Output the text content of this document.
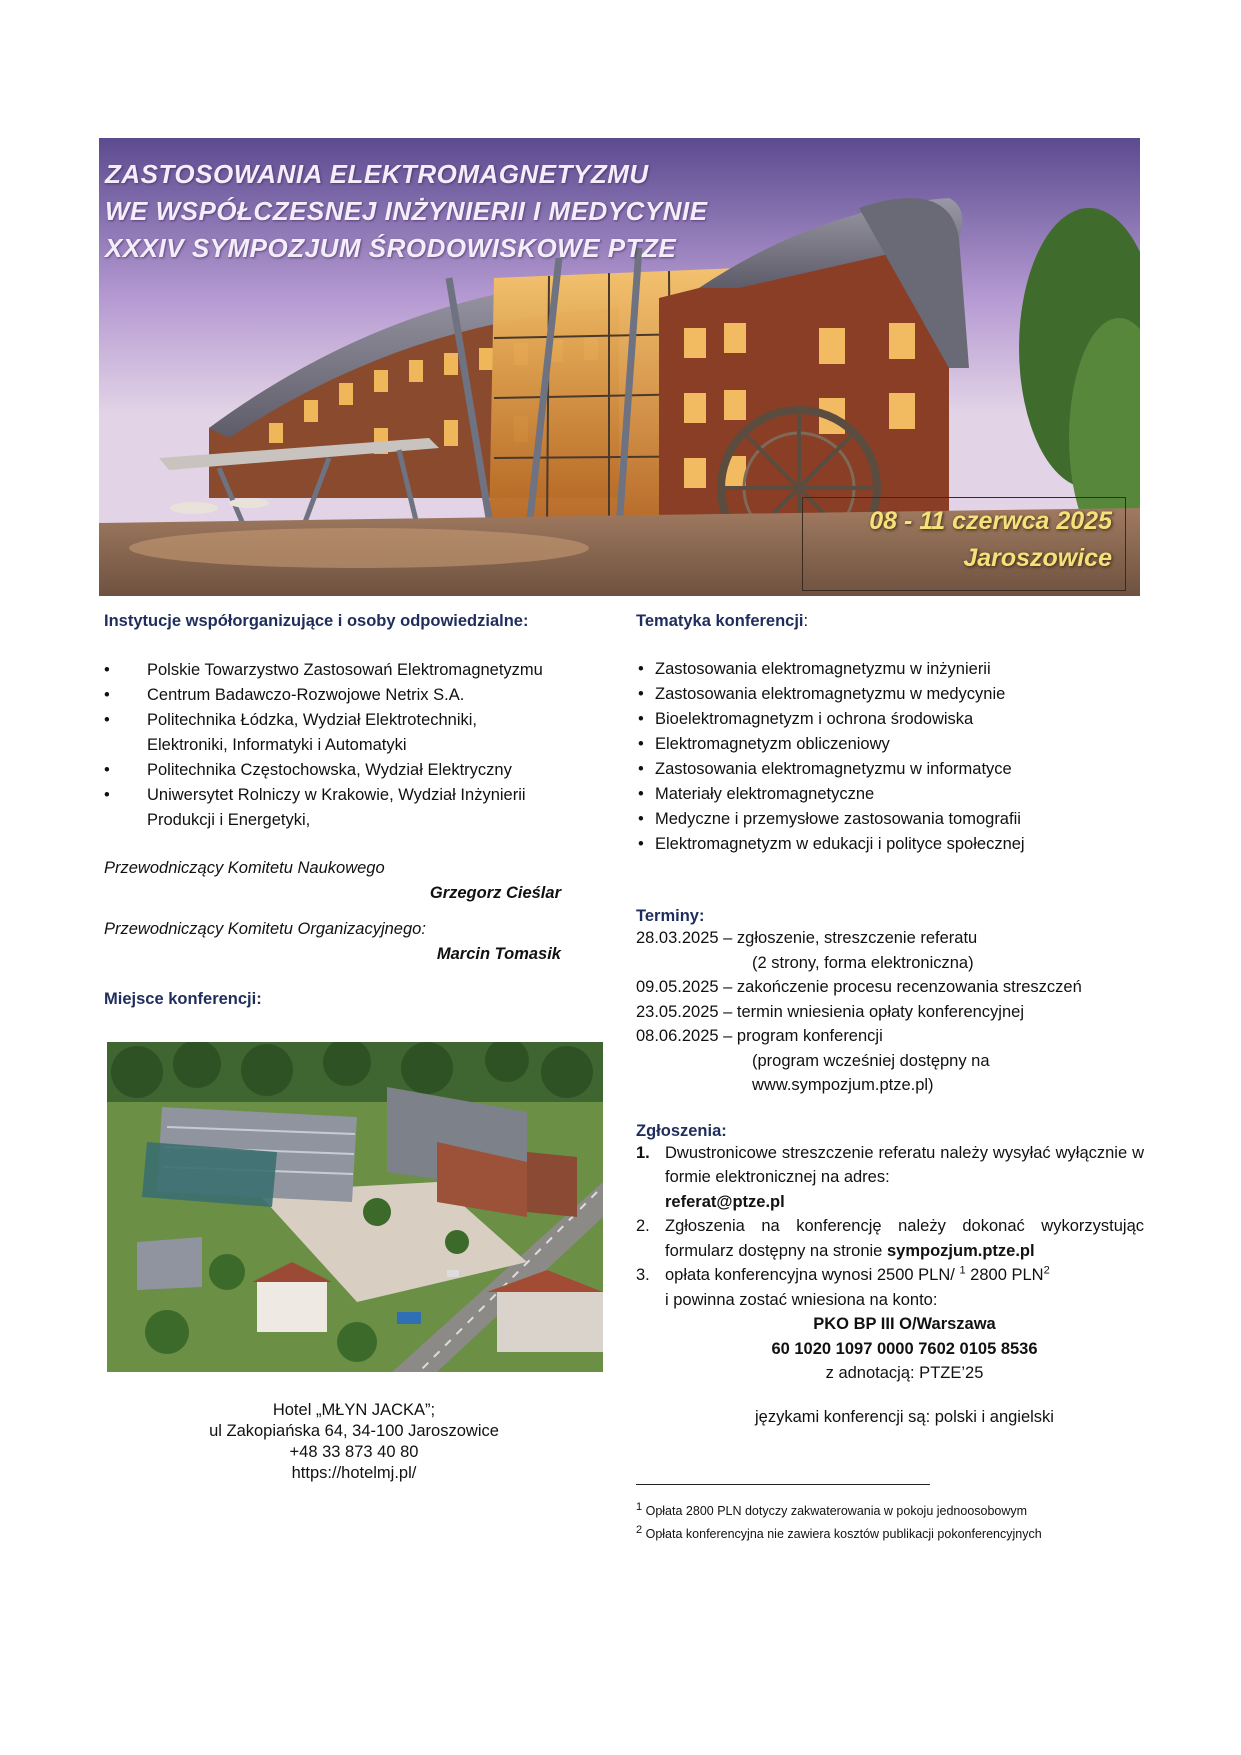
ZASTOSOWANIA ELEKTROMAGNETYZMU
WE WSPÓŁCZESNEJ INŻYNIERII I MEDYCYNIE
XXXIV SYMPOZJUM ŚRODOWISKOWE PTZE
08 - 11 czerwca 2025
Jaroszowice

Instytucje współorganizujące i osoby odpowiedzialne:

• Polskie Towarzystwo Zastosowań Elektromagnetyzmu
• Centrum Badawczo-Rozwojowe Netrix S.A.
• Politechnika Łódzka, Wydział Elektrotechniki, Elektroniki, Informatyki i Automatyki
• Politechnika Częstochowska, Wydział Elektryczny
• Uniwersytet Rolniczy w Krakowie, Wydział Inżynierii Produkcji i Energetyki,

Przewodniczący Komitetu Naukowego

Grzegorz Cieślar

Przewodniczący Komitetu Organizacyjnego:

Marcin Tomasik

Miejsce konferencji:

Hotel „MŁYN JACKA”;
ul Zakopiańska 64, 34-100 Jaroszowice
+48 33 873 40 80
https://hotelmj.pl/

Tematyka konferencji:

• Zastosowania elektromagnetyzmu w inżynierii
• Zastosowania elektromagnetyzmu w medycynie
• Bioelektromagnetyzm i ochrona środowiska
• Elektromagnetyzm obliczeniowy
• Zastosowania elektromagnetyzmu w informatyce
• Materiały elektromagnetyczne
• Medyczne i przemysłowe zastosowania tomografii
• Elektromagnetyzm w edukacji i polityce społecznej

Terminy:

28.03.2025 – zgłoszenie, streszczenie referatu
(2 strony, forma elektroniczna)
09.05.2025 – zakończenie procesu recenzowania streszczeń
23.05.2025 – termin wniesienia opłaty konferencyjnej
08.06.2025 – program konferencji
(program wcześniej dostępny na
www.sympozjum.ptze.pl)

Zgłoszenia:

1. Dwustronicowe streszczenie referatu należy wysyłać wyłącznie w formie elektronicznej na adres:
referat@ptze.pl
2. Zgłoszenia na konferencję należy dokonać wykorzystując formularz dostępny na stronie sympozjum.ptze.pl
3. opłata konferencyjna wynosi 2500 PLN/ $^1$ 2800 PLN$^2$
i powinna zostać wniesiona na konto:
PKO BP III O/Warszawa
60 1020 1097 0000 7602 0105 8536
z adnotacją: PTZE’25
językami konferencji są: polski i angielski
$^1$ Opłata 2800 PLN dotyczy zakwaterowania w pokoju jednoosobowym
$^2$ Opłata konferencyjna nie zawiera kosztów publikacji pokonferencyjnych
